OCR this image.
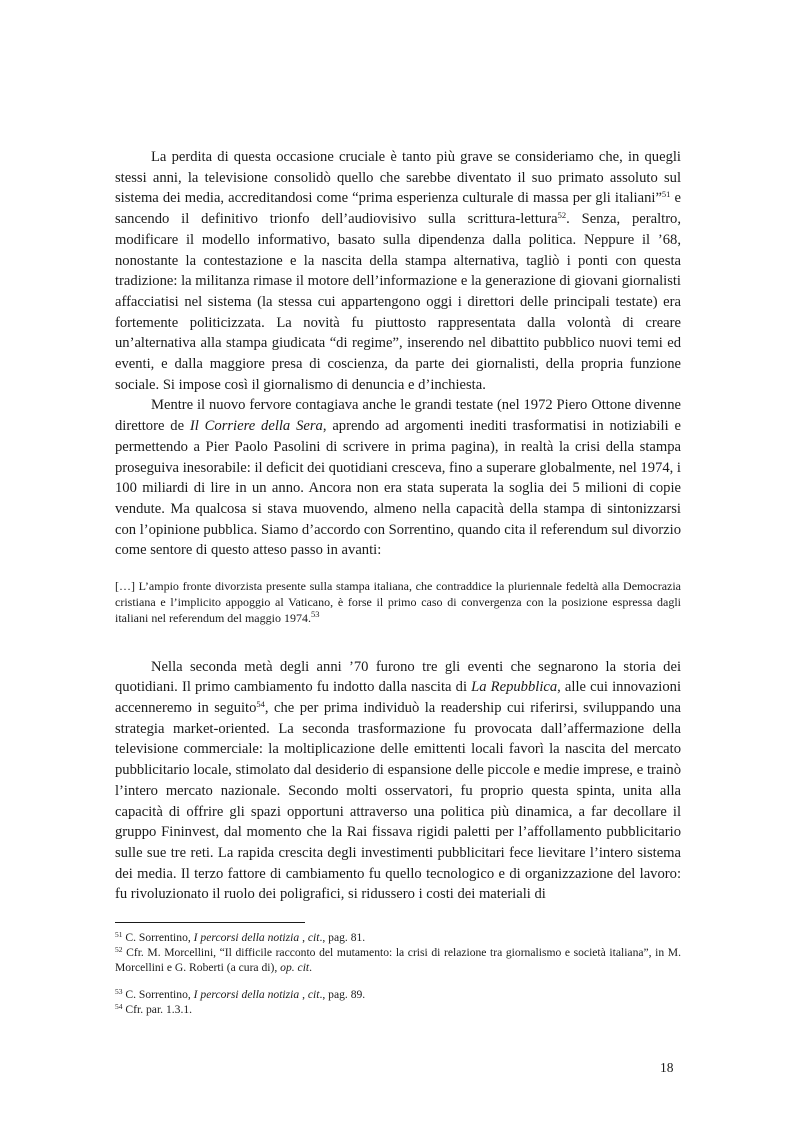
La perdita di questa occasione cruciale è tanto più grave se consideriamo che, in quegli stessi anni, la televisione consolidò quello che sarebbe diventato il suo primato assoluto sul sistema dei media, accreditandosi come “prima esperienza culturale di massa per gli italiani”$^{51}$ e sancendo il definitivo trionfo dell’audiovisivo sulla scrittura-lettura$^{52}$. Senza, peraltro, modificare il modello informativo, basato sulla dipendenza dalla politica. Neppure il ’68, nonostante la contestazione e la nascita della stampa alternativa, tagliò i ponti con questa tradizione: la militanza rimase il motore dell’informazione e la generazione di giovani giornalisti affacciatisi nel sistema (la stessa cui appartengono oggi i direttori delle principali testate) era fortemente politicizzata. La novità fu piuttosto rappresentata dalla volontà di creare un’alternativa alla stampa giudicata “di regime”, inserendo nel dibattito pubblico nuovi temi ed eventi, e dalla maggiore presa di coscienza, da parte dei giornalisti, della propria funzione sociale. Si impose così il giornalismo di denuncia e d’inchiesta.

Mentre il nuovo fervore contagiava anche le grandi testate (nel 1972 Piero Ottone divenne direttore de Il Corriere della Sera, aprendo ad argomenti inediti trasformatisi in notiziabili e permettendo a Pier Paolo Pasolini di scrivere in prima pagina), in realtà la crisi della stampa proseguiva inesorabile: il deficit dei quotidiani cresceva, fino a superare globalmente, nel 1974, i 100 miliardi di lire in un anno. Ancora non era stata superata la soglia dei 5 milioni di copie vendute. Ma qualcosa si stava muovendo, almeno nella capacità della stampa di sintonizzarsi con l’opinione pubblica. Siamo d’accordo con Sorrentino, quando cita il referendum sul divorzio come sentore di questo atteso passo in avanti:

[…] L’ampio fronte divorzista presente sulla stampa italiana, che contraddice la pluriennale fedeltà alla Democrazia cristiana e l’implicito appoggio al Vaticano, è forse il primo caso di convergenza con la posizione espressa dagli italiani nel referendum del maggio 1974.53

Nella seconda metà degli anni ’70 furono tre gli eventi che segnarono la storia dei quotidiani. Il primo cambiamento fu indotto dalla nascita di La Repubblica, alle cui innovazioni accenneremo in seguito$^{54}$, che per prima individuò la readership cui riferirsi, sviluppando una strategia market-oriented. La seconda trasformazione fu provocata dall’affermazione della televisione commerciale: la moltiplicazione delle emittenti locali favorì la nascita del mercato pubblicitario locale, stimolato dal desiderio di espansione delle piccole e medie imprese, e trainò l’intero mercato nazionale. Secondo molti osservatori, fu proprio questa spinta, unita alla capacità di offrire gli spazi opportuni attraverso una politica più dinamica, a far decollare il gruppo Fininvest, dal momento che la Rai fissava rigidi paletti per l’affollamento pubblicitario sulle sue tre reti. La rapida crescita degli investimenti pubblicitari fece lievitare l’intero sistema dei media. Il terzo fattore di cambiamento fu quello tecnologico e di organizzazione del lavoro: fu rivoluzionato il ruolo dei poligrafici, si ridussero i costi dei materiali di

$^{51}$ C. Sorrentino, I percorsi della notizia , cit., pag. 81.

$^{52}$ Cfr. M. Morcellini, “Il difficile racconto del mutamento: la crisi di relazione tra giornalismo e società italiana”, in M. Morcellini e G. Roberti (a cura di), op. cit.

$^{53}$ C. Sorrentino, I percorsi della notizia , cit., pag. 89.

$^{54}$ Cfr. par. 1.3.1.

18
